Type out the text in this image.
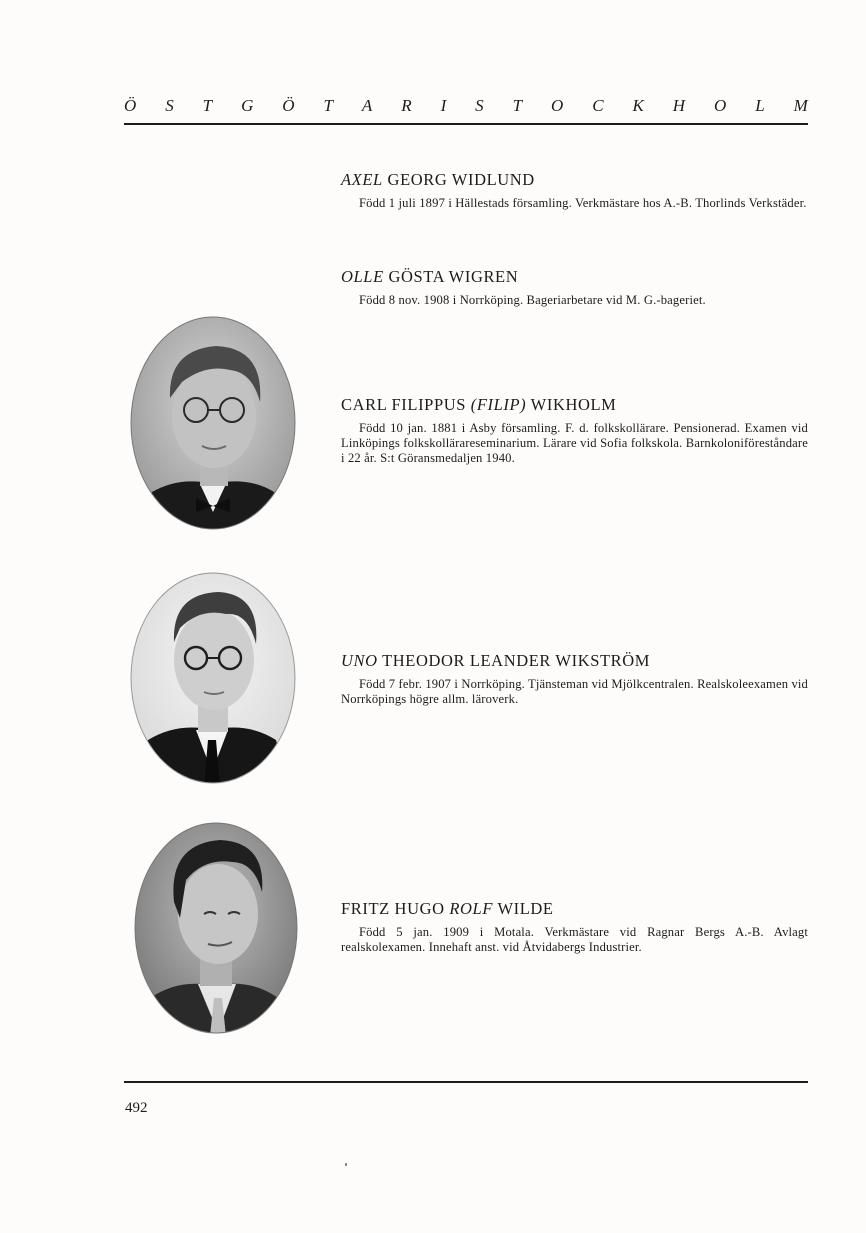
Ö S T G Ö T A R I S T O C K H O L M

AXEL GEORG WIDLUND

Född 1 juli 1897 i Hällestads församling. Verkmästare hos A.-B. Thorlinds Verkstäder.

OLLE GÖSTA WIGREN

Född 8 nov. 1908 i Norrköping. Bageriarbetare vid M. G.-bageriet.

CARL FILIPPUS (FILIP) WIKHOLM

Född 10 jan. 1881 i Asby församling. F. d. folkskollärare. Pensionerad. Examen vid Linköpings folkskollärareseminarium. Lärare vid Sofia folkskola. Barnkoloniföreståndare i 22 år. S:t Göransmedaljen 1940.

UNO THEODOR LEANDER WIKSTRÖM

Född 7 febr. 1907 i Norrköping. Tjänsteman vid Mjölkcentralen. Realskoleexamen vid Norrköpings högre allm. läroverk.

FRITZ HUGO ROLF WILDE

Född 5 jan. 1909 i Motala. Verkmästare vid Ragnar Bergs A.-B. Avlagt realskolexamen. Innehaft anst. vid Åtvidabergs Industrier.

492
